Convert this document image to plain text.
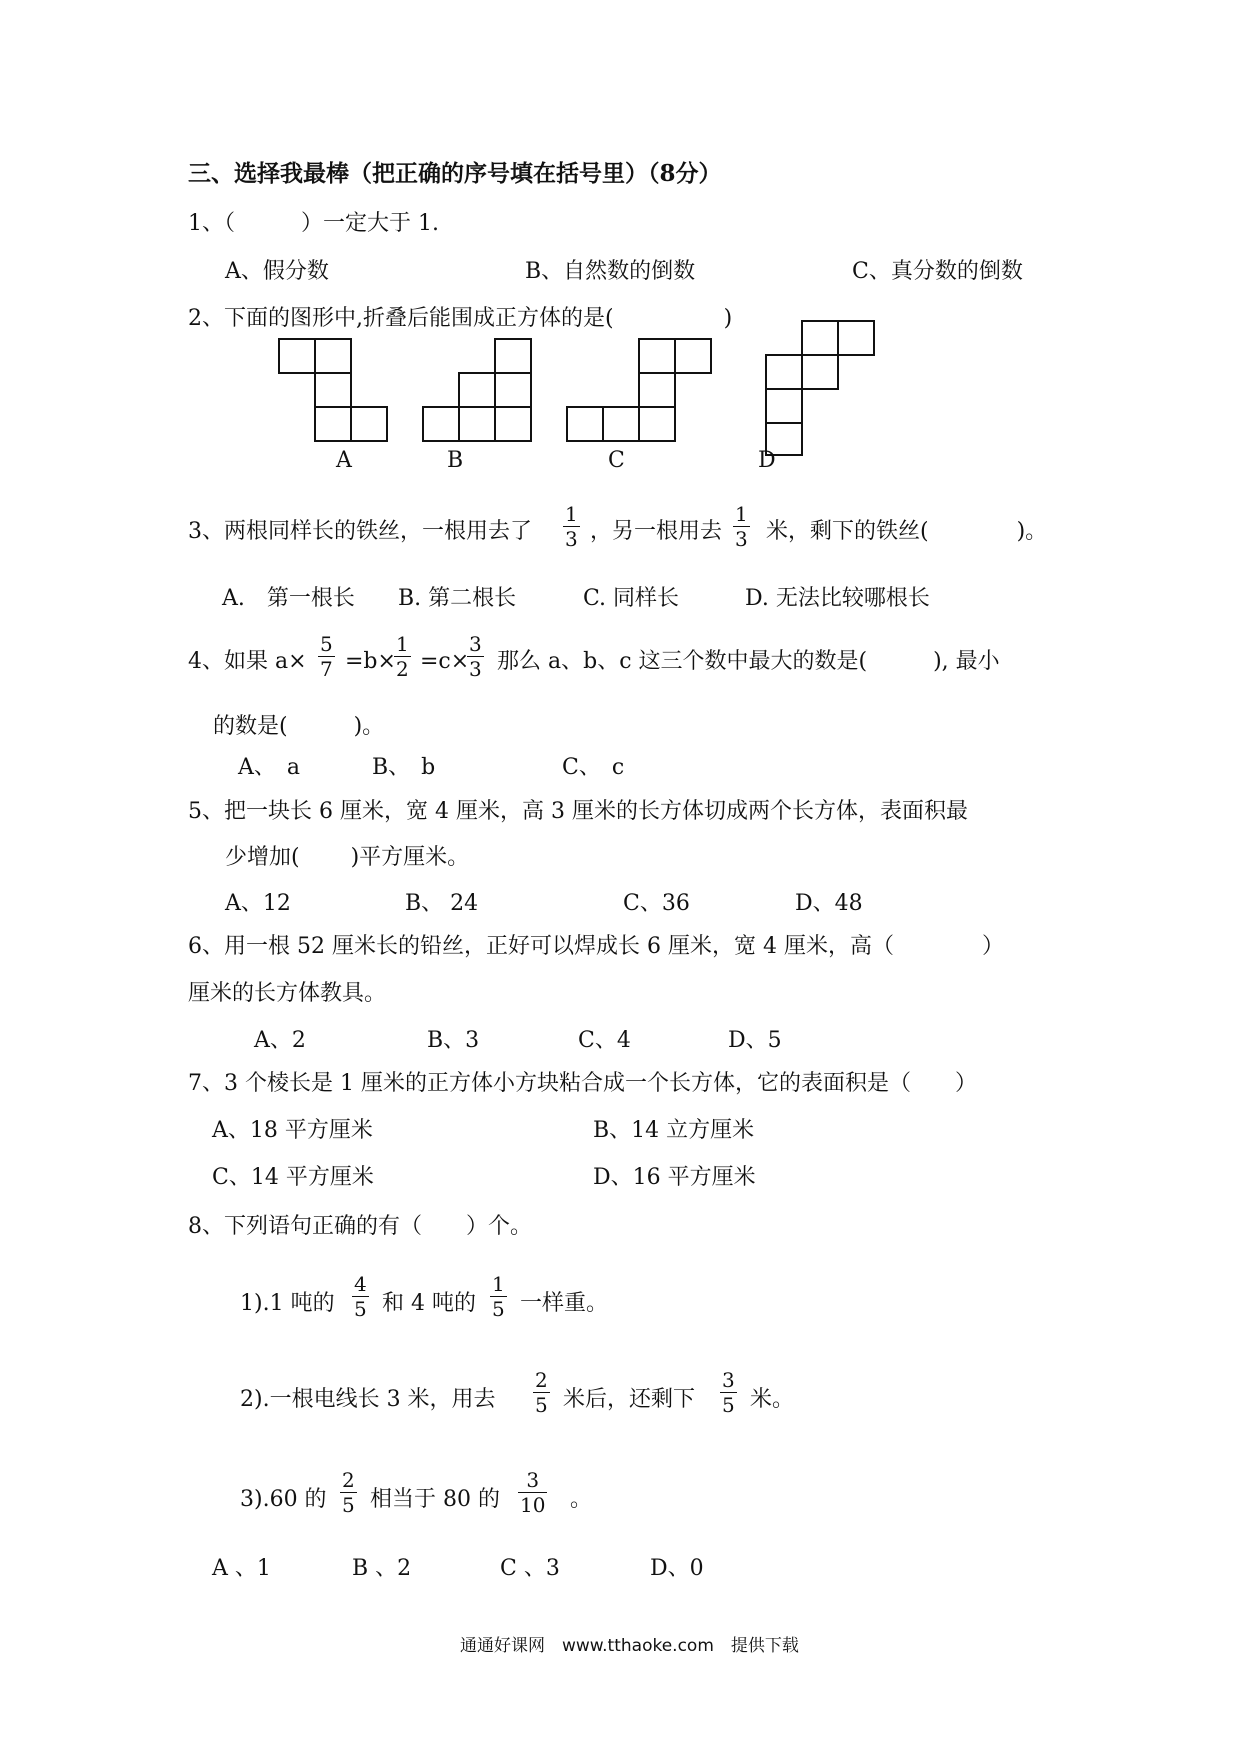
三、选择我最棒（把正确的序号填在括号里）（8分）
1、（　　　）一定大于 1.
A、假分数	B、自然数的倒数	C、真分数的倒数
2、下面的图形中,折叠后能围成正方体的是(　　　　　)
A	B	C	D
3、两根同样长的铁丝，一根用去了
1
3 ，另一根用去
1
3 米，剩下的铁丝(　　　　)。
A.　第一根长 B. 第二根长	C. 同样长	D. 无法比较哪根长
4、如果 a×
5
7 =b×
1
2 =c×
3
3 那么 a、b、c 这三个数中最大的数是(　　　), 最小
的数是(　　　)。
A、　a	B、　b	C、　c
5、把一块长 6 厘米，宽 4 厘米，高 3 厘米的长方体切成两个长方体，表面积最
少增加(　　 )平方厘米。
A、12	B、 24	C、36	D、48
6、用一根 52 厘米长的铅丝，正好可以焊成长 6 厘米，宽 4 厘米，高（　　　　）
厘米的长方体教具。
A、2	B、3	C、4	D、5
7、3 个棱长是 1 厘米的正方体小方块粘合成一个长方体，它的表面积是（　　）
A、18 平方厘米	B、14 立方厘米
C、14 平方厘米	D、16 平方厘米
8、下列语句正确的有（　　）个。
1).1 吨的
4
5 和 4 吨的
1
5 一样重。
2).一根电线长 3 米，用去
2
5 米后，还剩下
3
5 米。
3).60 的
2
5 相当于 80 的
3
10 。
A 、1	B 、2	C 、3	D、0
通通好课网　www.tthaoke.com　提供下载
